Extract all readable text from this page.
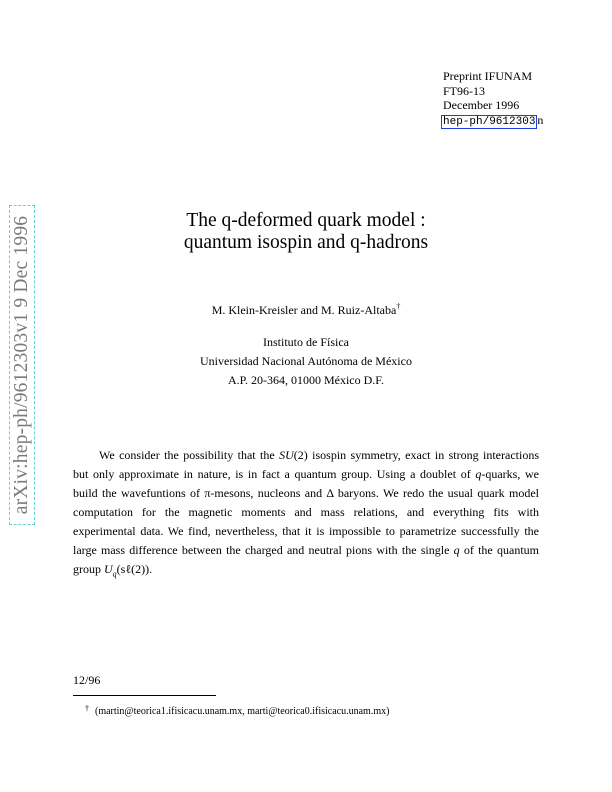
arXiv:hep-ph/9612303v1 9 Dec 1996
Preprint IFUNAM
FT96-13
December 1996
hep-ph/9612303 n
The q-deformed quark model :
quantum isospin and q-hadrons
M. Klein-Kreisler and M. Ruiz-Altaba†
Instituto de Física
Universidad Nacional Autónoma de México
A.P. 20-364, 01000 México D.F.
We consider the possibility that the SU(2) isospin symmetry, exact in strong interactions but only approximate in nature, is in fact a quantum group. Using a doublet of q-quarks, we build the wavefuntions of π-mesons, nucleons and Δ baryons. We redo the usual quark model computation for the magnetic moments and mass relations, and everything fits with experimental data. We find, nevertheless, that it is impossible to parametrize successfully the large mass difference between the charged and neutral pions with the single q of the quantum group $U_q(s\ell(2))$.
12/96
† (martin@teorica1.ifisicacu.unam.mx, marti@teorica0.ifisicacu.unam.mx)
